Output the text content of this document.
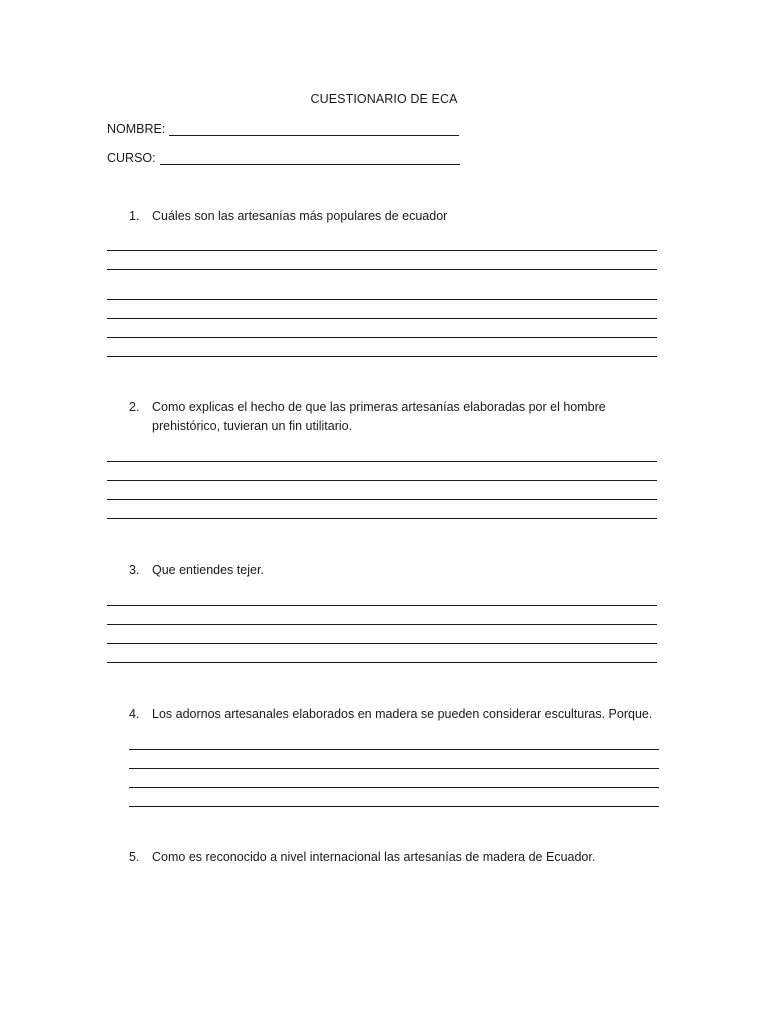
CUESTIONARIO DE ECA
NOMBRE:
CURSO:
1.	Cuáles son las artesanías más populares de ecuador
2.	Como explicas el hecho de que las primeras artesanías elaboradas por el hombre prehistórico, tuvieran un fin utilitario.
3.	Que entiendes tejer.
4.	Los adornos artesanales elaborados en madera se pueden considerar esculturas. Porque.
5.	Como es reconocido a nivel internacional las artesanías de madera de Ecuador.
